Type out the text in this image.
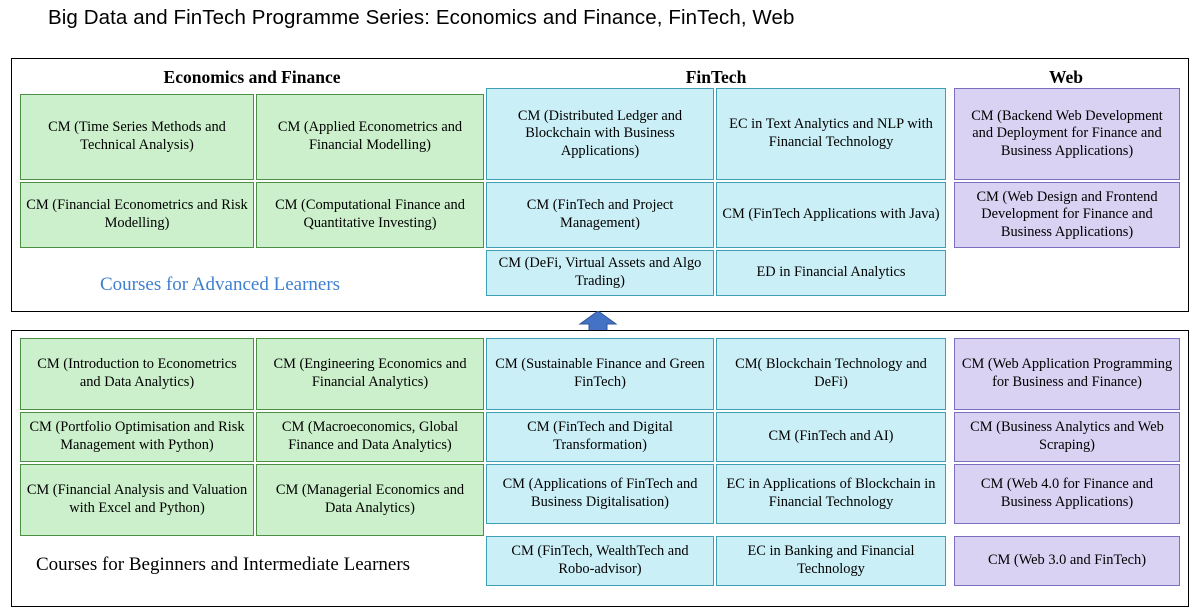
Big Data and FinTech Programme Series: Economics and Finance, FinTech, Web
Economics and Finance	FinTech	Web
CM (Time Series Methods and Technical Analysis)
CM (Financial Econometrics and Risk Modelling)
CM (Applied Econometrics and Financial Modelling)
CM (Computational Finance and Quantitative Investing)
CM (Distributed Ledger and Blockchain with Business Applications)
CM (FinTech and Project Management)
CM (DeFi, Virtual Assets and Algo Trading)
EC in Text Analytics and NLP with Financial Technology
CM (FinTech Applications with Java)
ED in Financial Analytics
CM (Backend Web Development and Deployment for Finance and Business Applications)
CM (Web Design and Frontend Development for Finance and Business Applications)
Courses for Advanced Learners
CM (Introduction to Econometrics and Data Analytics)
CM (Portfolio Optimisation and Risk Management with Python)
CM (Financial Analysis and Valuation with Excel and Python)
CM (Engineering Economics and Financial Analytics)
CM (Macroeconomics, Global Finance and Data Analytics)
CM (Managerial Economics and Data Analytics)
CM (Sustainable Finance and Green FinTech)
CM (FinTech and Digital Transformation)
CM (Applications of FinTech and Business Digitalisation)
CM (FinTech, WealthTech and Robo-advisor)
CM( Blockchain Technology and DeFi)
CM (FinTech and AI)
EC in Applications of Blockchain in Financial Technology
EC in Banking and Financial Technology
CM (Web Application Programming for Business and Finance)
CM (Business Analytics and Web Scraping)
CM (Web 4.0 for Finance and Business Applications)
CM (Web 3.0 and FinTech)
Courses for Beginners and Intermediate Learners
